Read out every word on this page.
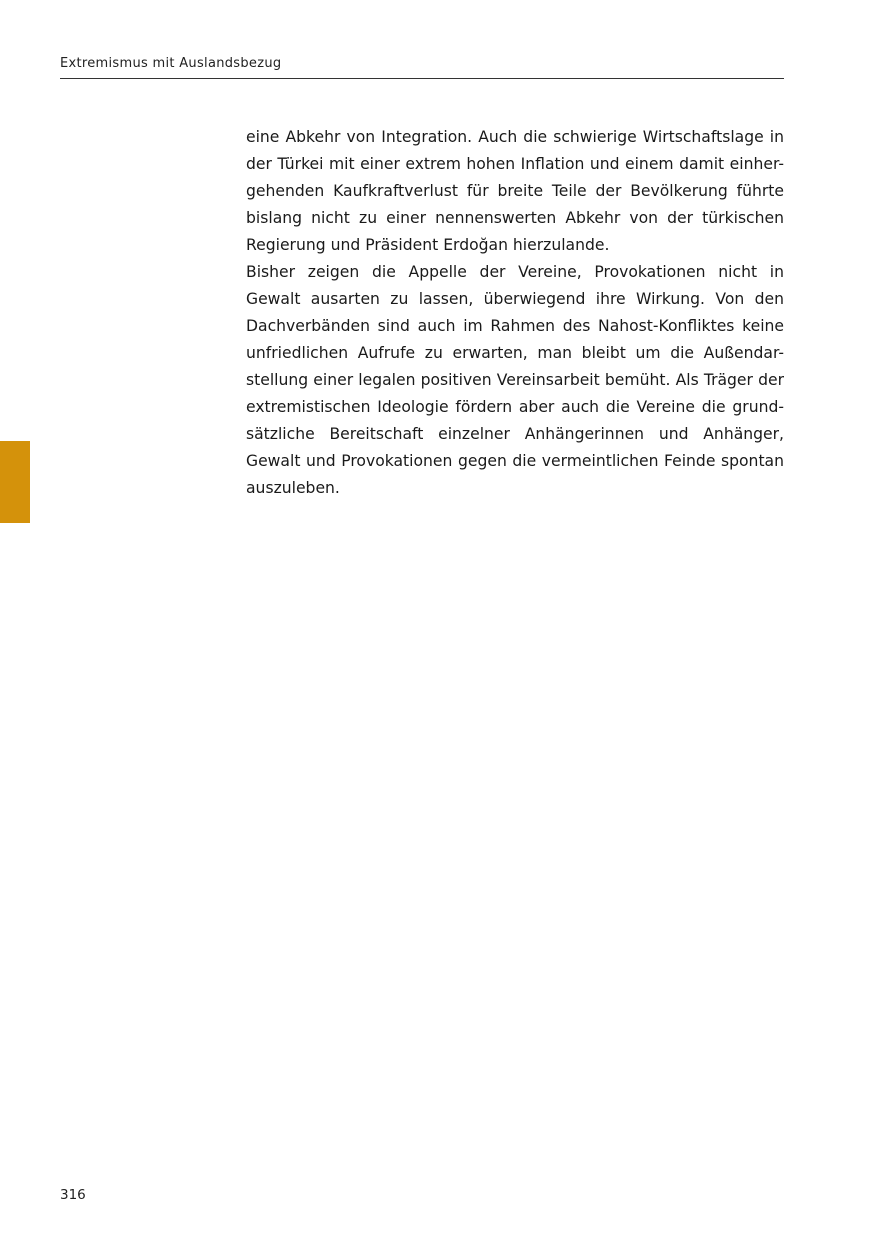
Extremismus mit Auslandsbezug
eine Abkehr von Integration. Auch die schwierige Wirtschaftslage in
der Türkei mit einer extrem hohen Inflation und einem damit einher-
gehenden Kaufkraftverlust für breite Teile der Bevölkerung führte
bislang nicht zu einer nennenswerten Abkehr von der türkischen
Regierung und Präsident Erdoğan hierzulande.
Bisher zeigen die Appelle der Vereine, Provokationen nicht in
Gewalt ausarten zu lassen, überwiegend ihre Wirkung. Von den
Dachverbänden sind auch im Rahmen des Nahost-Konfliktes keine
unfriedlichen Aufrufe zu erwarten, man bleibt um die Außendar-
stellung einer legalen positiven Vereinsarbeit bemüht. Als Träger der
extremistischen Ideologie fördern aber auch die Vereine die grund-
sätzliche Bereitschaft einzelner Anhängerinnen und Anhänger,
Gewalt und Provokationen gegen die vermeintlichen Feinde spontan
auszuleben.
316
